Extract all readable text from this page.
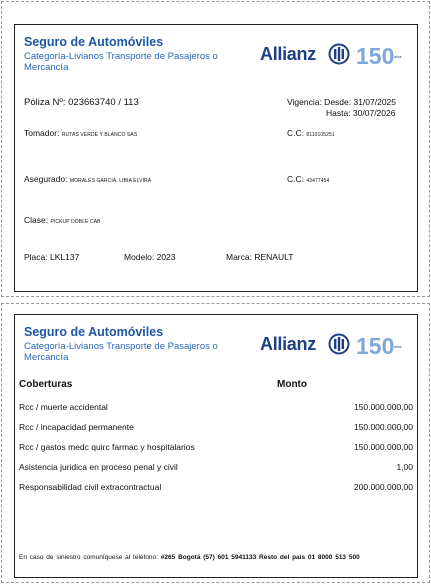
Seguro de Automóviles
Categoría-Livianos Transporte de Pasajeros o Mercancía
Allianz 150 años
Póliza Nº: 023663740 / 113	Vigencia: Desde: 31/07/2025
Hasta: 30/07/2026
Tomador: RUTAS VERDE Y BLANCO SAS	C.C: 8110105251
Asegurado: MORALES GARCIA, LIBIA ELVIRA	C.C: 43477454
Clase: PICKUP DOBLE CAB
Placa: LKL137	Modelo: 2023	Marca: RENAULT
Seguro de Automóviles
Categoría-Livianos Transporte de Pasajeros o Mercancía
Allianz 150 años
Coberturas	Monto
Rcc / muerte accidental	150.000.000,00
Rcc / incapacidad permanente	150.000.000,00
Rcc / gastos medc quirc farmac y hospitalarios	150.000.000,00
Asistencia juridica en proceso penal y civil	1,00
Responsabilidad civil extracontractual	200.000.000,00
En caso de siniestro comuníquese al teléfono: #265 Bogotá (57) 601 5941133 Resto del país 01 8000 513 500
